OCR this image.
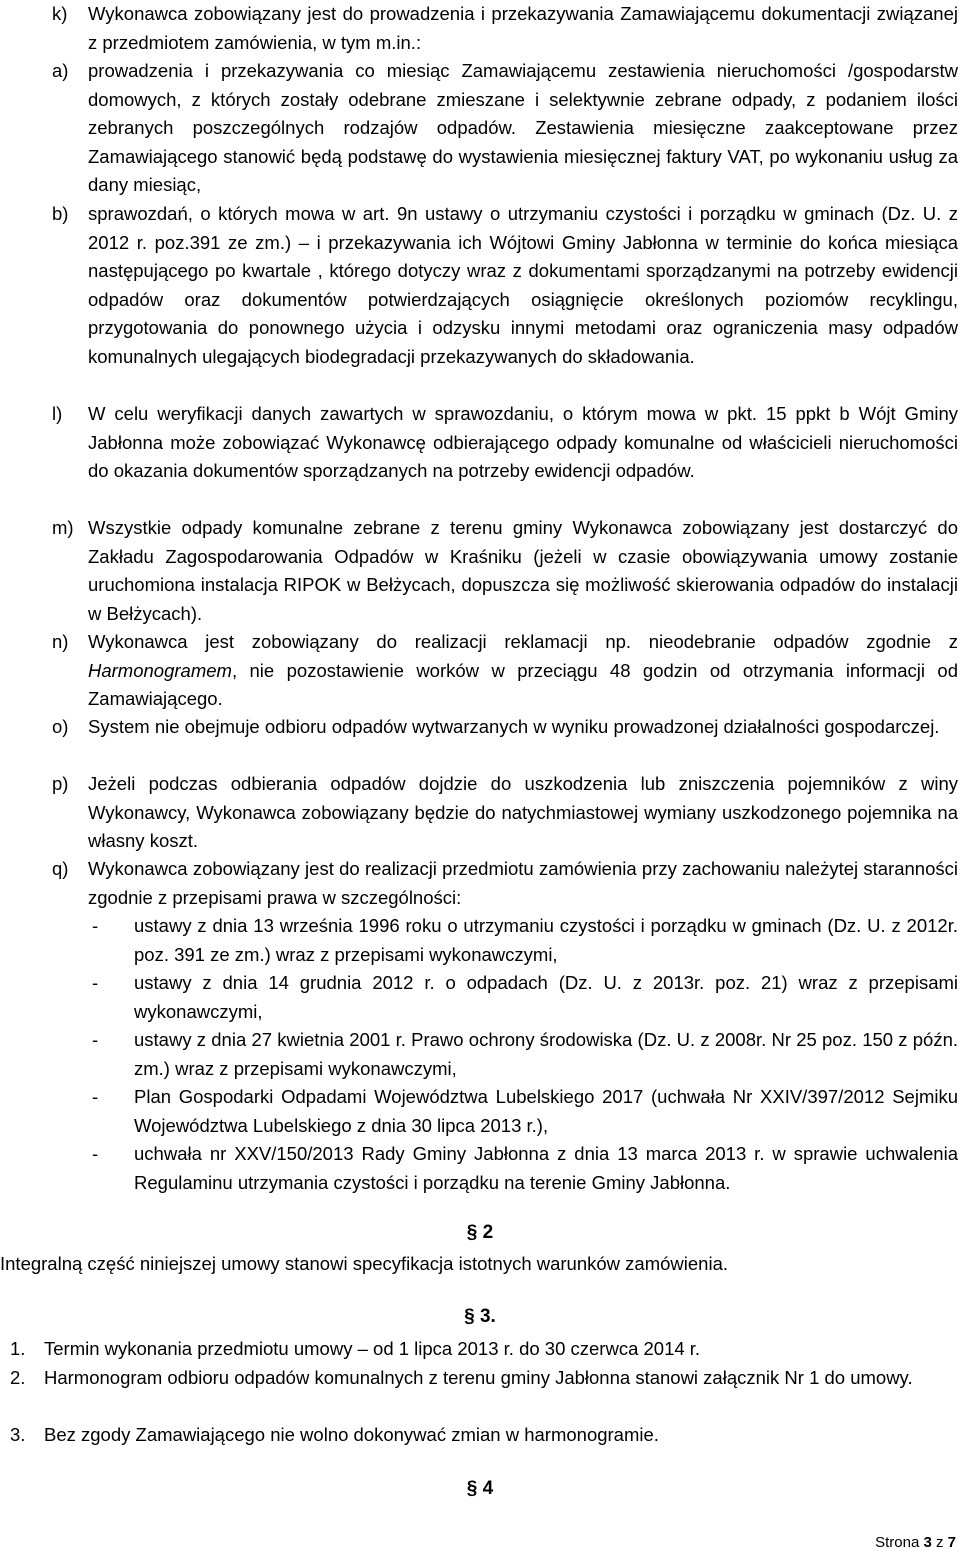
k) Wykonawca zobowiązany jest do prowadzenia i przekazywania Zamawiającemu dokumentacji związanej z przedmiotem zamówienia, w tym m.in.:
a) prowadzenia i przekazywania co miesiąc Zamawiającemu zestawienia nieruchomości /gospodarstw domowych, z których zostały odebrane zmieszane i selektywnie zebrane odpady, z podaniem ilości zebranych poszczególnych rodzajów odpadów. Zestawienia miesięczne zaakceptowane przez Zamawiającego stanowić będą podstawę do wystawienia miesięcznej faktury VAT, po wykonaniu usług za dany miesiąc,
b) sprawozdań, o których mowa w art. 9n ustawy o utrzymaniu czystości i porządku w gminach (Dz. U. z 2012 r. poz.391 ze zm.) – i przekazywania ich Wójtowi Gminy Jabłonna w terminie do końca miesiąca następującego po kwartale , którego dotyczy wraz z dokumentami sporządzanymi na potrzeby ewidencji odpadów oraz dokumentów potwierdzających osiągnięcie określonych poziomów recyklingu, przygotowania do ponownego użycia i odzysku innymi metodami oraz ograniczenia masy odpadów komunalnych ulegających biodegradacji przekazywanych do składowania.
l) W celu weryfikacji danych zawartych w sprawozdaniu, o którym mowa w pkt. 15 ppkt b Wójt Gminy Jabłonna może zobowiązać Wykonawcę odbierającego odpady komunalne od właścicieli nieruchomości do okazania dokumentów sporządzanych na potrzeby ewidencji odpadów.
m) Wszystkie odpady komunalne zebrane z terenu gminy Wykonawca zobowiązany jest dostarczyć do Zakładu Zagospodarowania Odpadów w Kraśniku (jeżeli w czasie obowiązywania umowy zostanie uruchomiona instalacja RIPOK w Bełżycach, dopuszcza się możliwość skierowania odpadów do instalacji w Bełżycach).
n) Wykonawca jest zobowiązany do realizacji reklamacji np. nieodebranie odpadów zgodnie z Harmonogramem, nie pozostawienie worków w przeciągu 48 godzin od otrzymania informacji od Zamawiającego.
o) System nie obejmuje odbioru odpadów wytwarzanych w wyniku prowadzonej działalności gospodarczej.
p) Jeżeli podczas odbierania odpadów dojdzie do uszkodzenia lub zniszczenia pojemników z winy Wykonawcy, Wykonawca zobowiązany będzie do natychmiastowej wymiany uszkodzonego pojemnika na własny koszt.
q) Wykonawca zobowiązany jest do realizacji przedmiotu zamówienia przy zachowaniu należytej staranności zgodnie z przepisami prawa w szczególności:
- ustawy z dnia 13 września 1996 roku o utrzymaniu czystości i porządku w gminach (Dz. U. z 2012r. poz. 391 ze zm.) wraz z przepisami wykonawczymi,
- ustawy z dnia 14 grudnia 2012 r. o odpadach (Dz. U. z 2013r. poz. 21) wraz z przepisami wykonawczymi,
- ustawy z dnia 27 kwietnia 2001 r. Prawo ochrony środowiska (Dz. U. z 2008r. Nr 25 poz. 150 z późn. zm.) wraz z przepisami wykonawczymi,
- Plan Gospodarki Odpadami Województwa Lubelskiego 2017 (uchwała Nr XXIV/397/2012 Sejmiku Województwa Lubelskiego z dnia 30 lipca 2013 r.),
- uchwała nr XXV/150/2013 Rady Gminy Jabłonna z dnia 13 marca 2013 r. w sprawie uchwalenia Regulaminu utrzymania czystości i porządku na terenie Gminy Jabłonna.
§ 2
Integralną część niniejszej umowy stanowi specyfikacja istotnych warunków zamówienia.
§ 3.
1. Termin wykonania przedmiotu umowy – od 1 lipca 2013 r. do 30 czerwca 2014 r.
2. Harmonogram odbioru odpadów komunalnych z terenu gminy Jabłonna stanowi załącznik Nr 1 do umowy.
3. Bez zgody Zamawiającego nie wolno dokonywać zmian w harmonogramie.
§ 4
Strona 3 z 7
